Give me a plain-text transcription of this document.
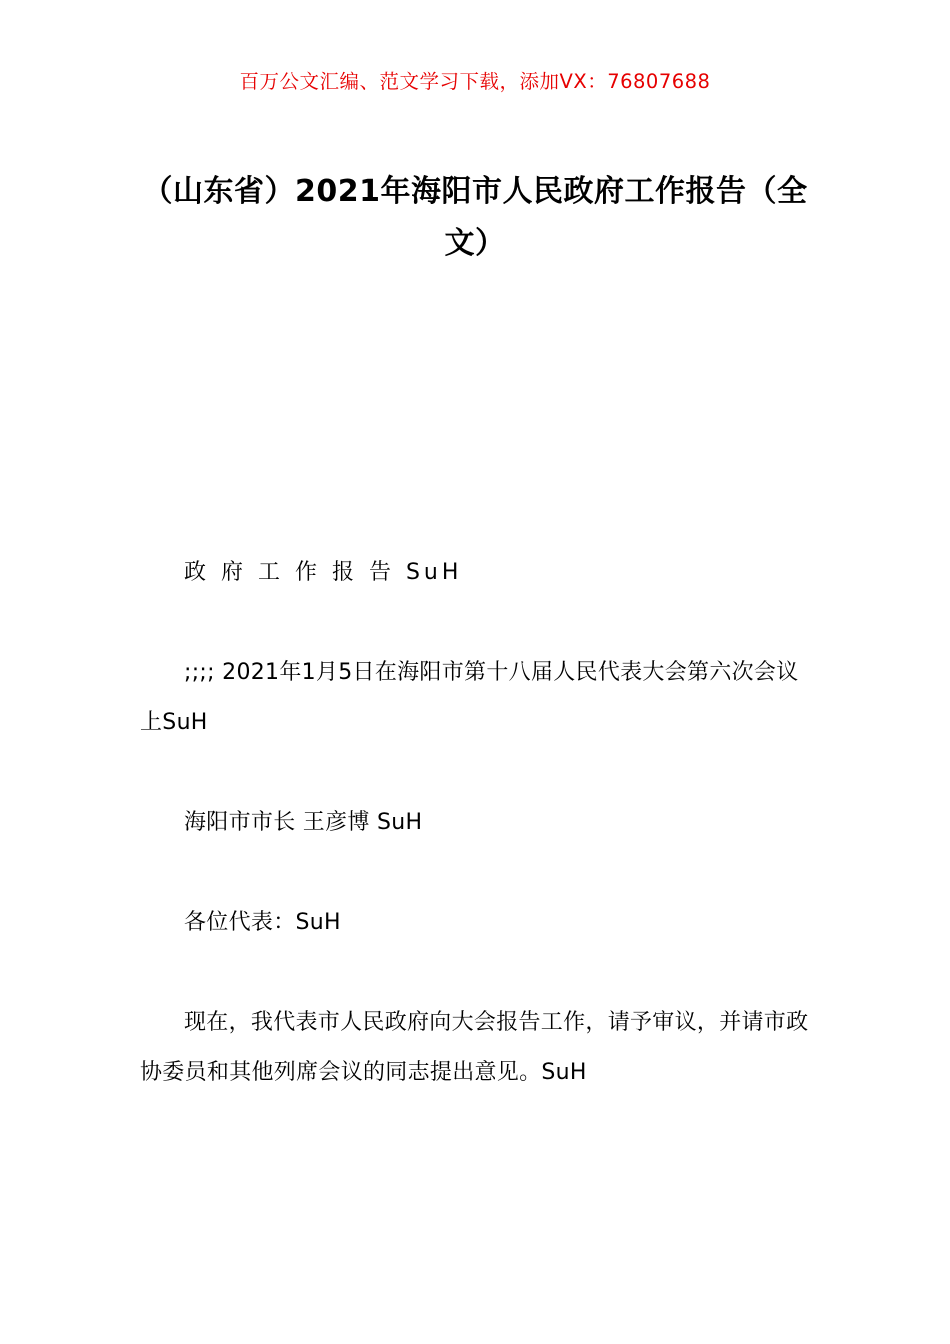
百万公文汇编、范文学习下载，添加VX：76807688
（山东省）2021年海阳市人民政府工作报告（全文）
政 府 工 作 报 告 SuH
;;;; 2021年1月5日在海阳市第十八届人民代表大会第六次会议上SuH
海阳市市长 王彦博 SuH
各位代表：SuH
现在，我代表市人民政府向大会报告工作，请予审议，并请市政协委员和其他列席会议的同志提出意见。SuH
